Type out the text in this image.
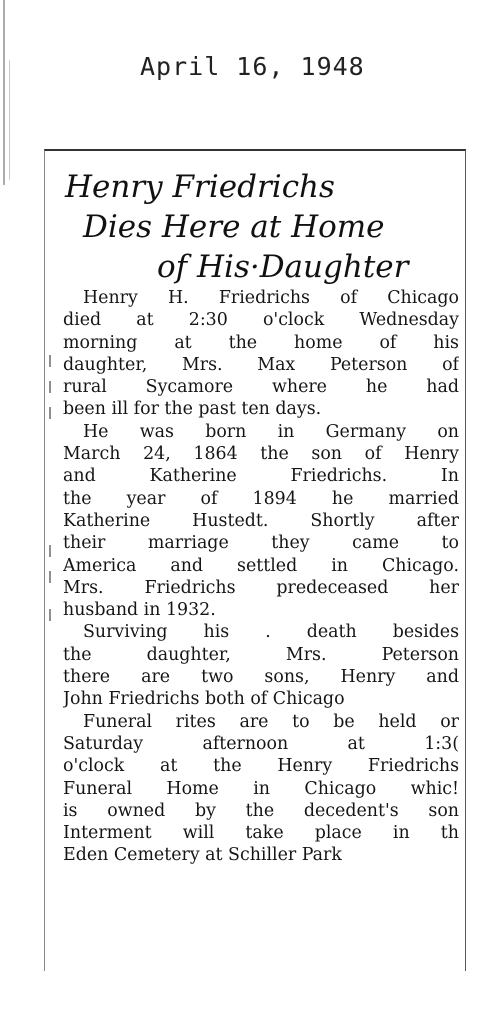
April 16, 1948
Henry Friedrichs
Dies Here at Home
of His·Daughter
Henry H. Friedrichs of Chicago
died at 2:30 o'clock Wednesday
morning at the home of his
daughter, Mrs. Max Peterson of
rural Sycamore where he had
been ill for the past ten days.
He was born in Germany on
March 24, 1864 the son of Henry
and Katherine Friedrichs. In
the year of 1894 he married
Katherine Hustedt. Shortly after
their marriage they came to
America and settled in Chicago.
Mrs. Friedrichs predeceased her
husband in 1932.
Surviving his . death besides
the daughter, Mrs. Peterson
there are two sons, Henry and
John Friedrichs both of Chicago
Funeral rites are to be held or
Saturday afternoon at 1:3(
o'clock at the Henry Friedrichs
Funeral Home in Chicago whic!
is owned by the decedent's son
Interment will take place in th
Eden Cemetery at Schiller Park
